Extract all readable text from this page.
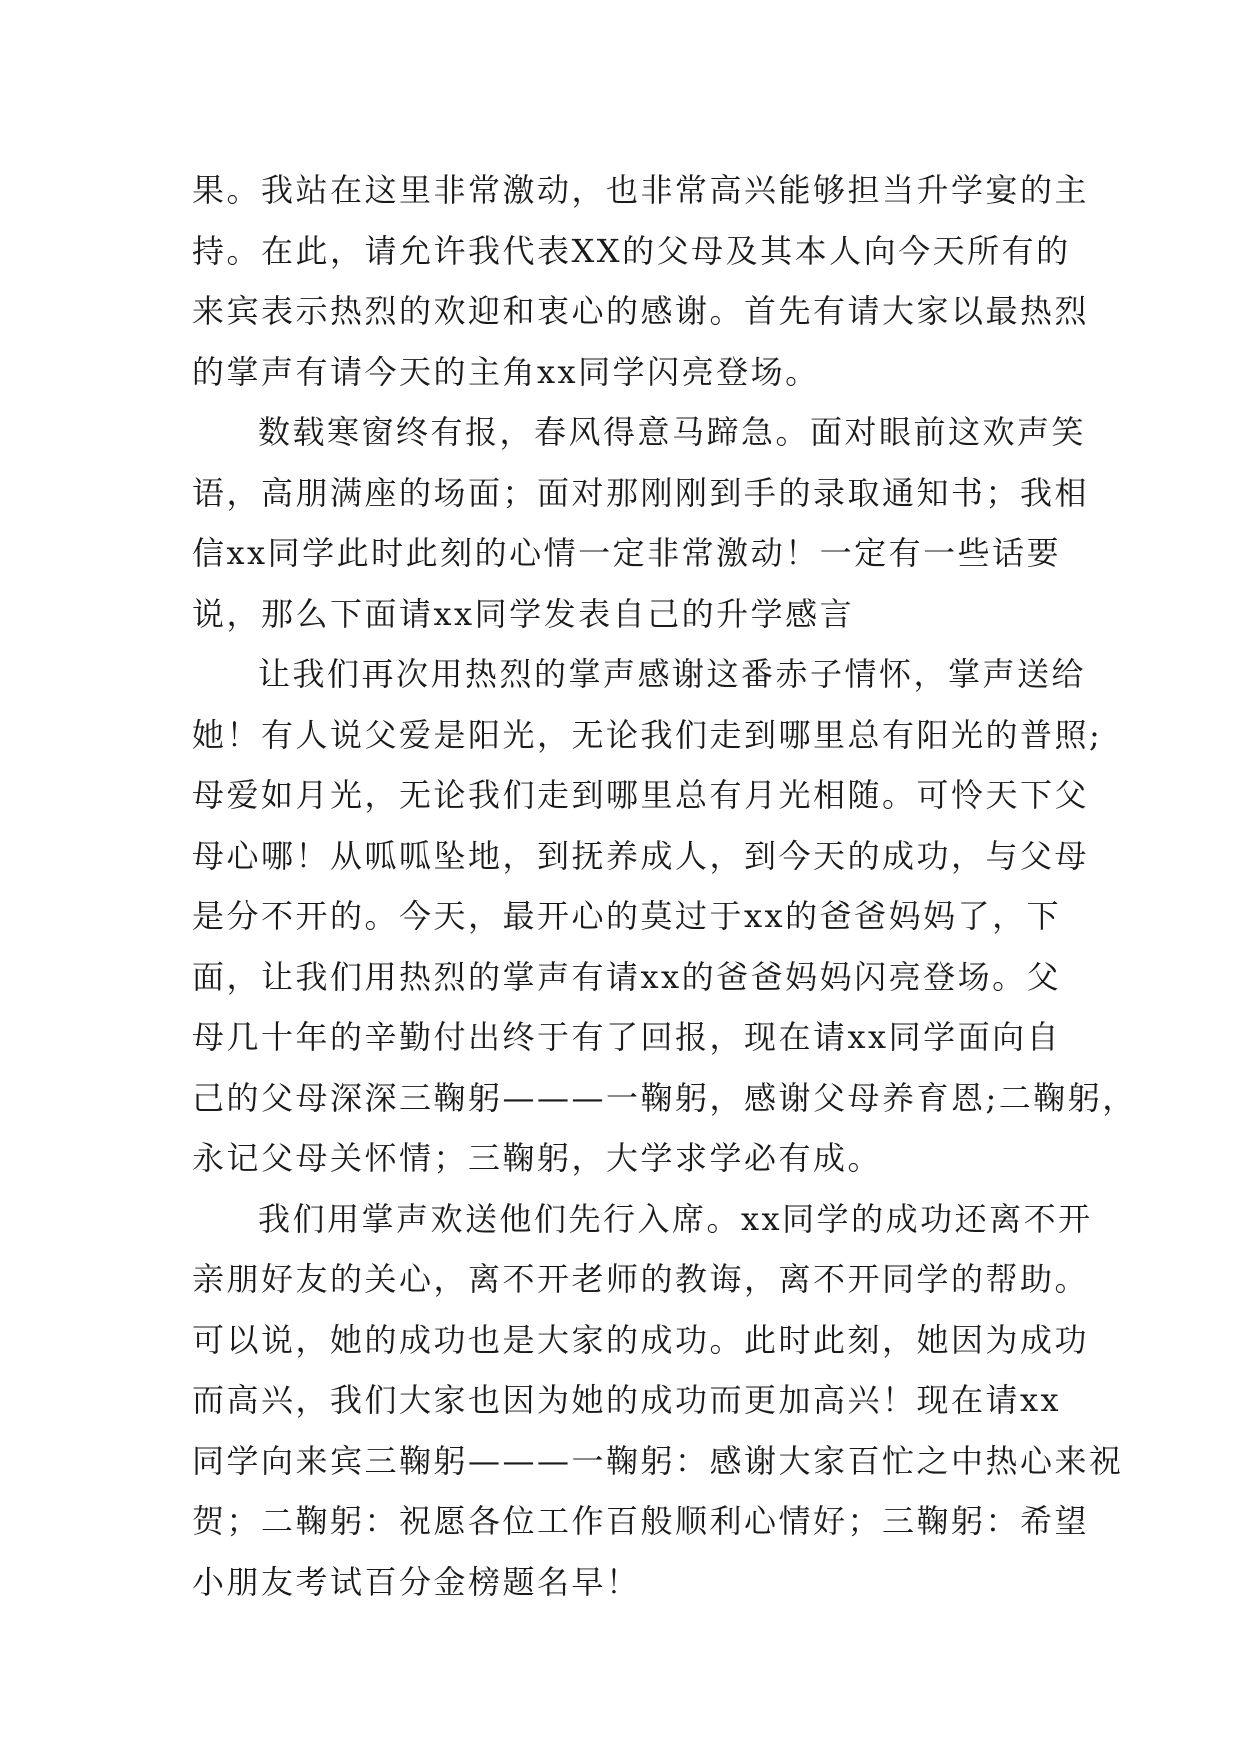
果。我站在这里非常激动，也非常高兴能够担当升学宴的主
持。在此，请允许我代表XX的父母及其本人向今天所有的
来宾表示热烈的欢迎和衷心的感谢。首先有请大家以最热烈
的掌声有请今天的主角xx同学闪亮登场。
数载寒窗终有报，春风得意马蹄急。面对眼前这欢声笑
语，高朋满座的场面；面对那刚刚到手的录取通知书；我相
信xx同学此时此刻的心情一定非常激动！一定有一些话要
说，那么下面请xx同学发表自己的升学感言
让我们再次用热烈的掌声感谢这番赤子情怀，掌声送给
她！有人说父爱是阳光，无论我们走到哪里总有阳光的普照;
母爱如月光，无论我们走到哪里总有月光相随。可怜天下父
母心哪！从呱呱坠地，到抚养成人，到今天的成功，与父母
是分不开的。今天，最开心的莫过于xx的爸爸妈妈了，下
面，让我们用热烈的掌声有请xx的爸爸妈妈闪亮登场。父
母几十年的辛勤付出终于有了回报，现在请xx同学面向自
己的父母深深三鞠躬———一鞠躬，感谢父母养育恩;二鞠躬，
永记父母关怀情；三鞠躬，大学求学必有成。
我们用掌声欢送他们先行入席。xx同学的成功还离不开
亲朋好友的关心，离不开老师的教诲，离不开同学的帮助。
可以说，她的成功也是大家的成功。此时此刻，她因为成功
而高兴，我们大家也因为她的成功而更加高兴！现在请xx
同学向来宾三鞠躬———一鞠躬：感谢大家百忙之中热心来祝
贺；二鞠躬：祝愿各位工作百般顺利心情好；三鞠躬：希望
小朋友考试百分金榜题名早！
